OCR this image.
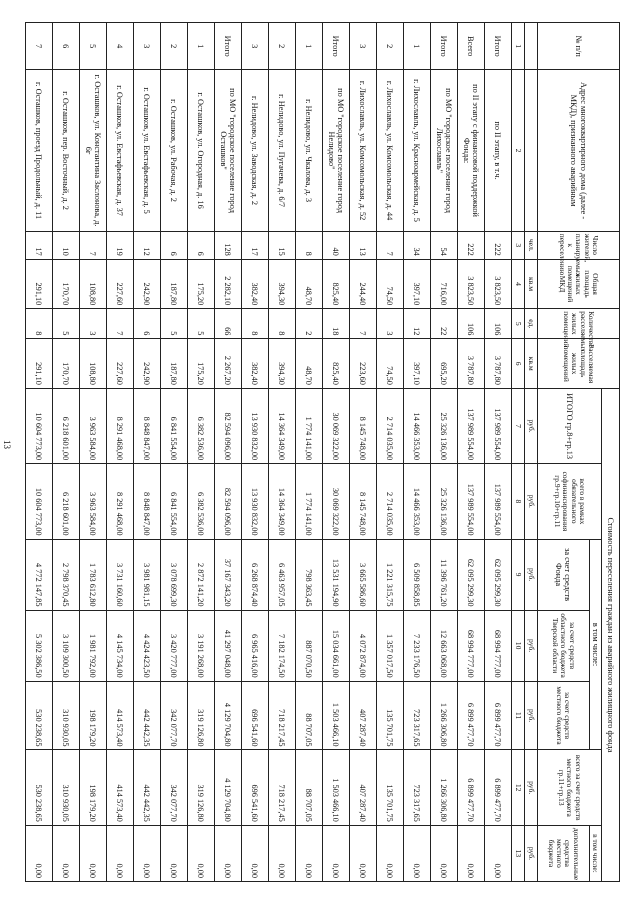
13
№ п/п	Адрес многоквартирного дома (далее - МКД), признанного аварийным	Число жителей, планируемых к переселению	Общая площадь жилых помещений МКД	Количество расселяемых жилых помещений	Расселяемая площадь жилых помещений	Стоимость переселения граждан из аварийного жилищного фонда						
						ИТОГО гр.8+гр.13	всего в рамках обязательного софинансирования гр.9+гр.10+гр.11	в том числе:			всего за счет средств местного бюджета гр.11+гр.13	в том числе:
								за счет средств Фонда	за счет средств областного бюджета Тверской области	за счет средств местного бюджета		дополнительные средства местного бюджета
		чел.	кв.м	ед.	кв.м	руб.	руб.	руб.	руб.	руб.	руб.	руб.
1	2	3	4	5	6	7	8	9	10	11	12	13
Итого	по II этапу, в т.ч.	222	3 823,50	106	3 787,80	137 989 554,00	137 989 554,00	62 095 299,30	68 994 777,00	6 899 477,70	6 899 477,70	0,00
Всего	по II этапу с финансовой поддержкой Фонда:	222	3 823,50	106	3 787,80	137 989 554,00	137 989 554,00	62 095 299,30	68 994 777,00	6 899 477,70	6 899 477,70	0,00
Итого	по МО "городское поселение город Лихославль"	54	716,00	22	695,20	25 326 136,00	25 326 136,00	11 396 761,20	12 663 068,00	1 266 306,80	1 266 306,80	0,00
1	г. Лихославль, ул. Красноармейская, д. 5	34	397,10	12	397,10	14 466 353,00	14 466 353,00	6 509 858,85	7 233 176,50	723 317,65	723 317,65	0,00
2	г. Лихославль, ул. Комсомольская, д. 44	7	74,50	3	74,50	2 714 035,00	2 714 035,00	1 221 315,75	1 357 017,50	135 701,75	135 701,75	0,00
3	г. Лихославль, ул. Комсомольская, д. 52	13	244,40	7	223,60	8 145 748,00	8 145 748,00	3 665 586,60	4 072 874,00	407 287,40	407 287,40	0,00
Итого	по МО "городское поселение город Нелидово"	40	825,40	18	825,40	30 069 322,00	30 069 322,00	13 531 194,90	15 034 661,00	1 503 466,10	1 503 466,10	0,00
1	г. Нелидово, ул. Чкалова, д. 3	8	48,70	2	48,70	1 774 141,00	1 774 141,00	798 363,45	887 070,50	88 707,05	88 707,05	0,00
2	г. Нелидово, ул. Пугачева, д. 6/7	15	394,30	8	394,30	14 364 349,00	14 364 349,00	6 463 957,05	7 182 174,50	718 217,45	718 217,45	0,00
3	г. Нелидово, ул. Заводская, д. 2	17	382,40	8	382,40	13 930 832,00	13 930 832,00	6 268 874,40	6 965 416,00	696 541,60	696 541,60	0,00
Итого	по МО "городское поселение город Осташков"	128	2 282,10	66	2 267,20	82 594 096,00	82 594 096,00	37 167 343,20	41 297 048,00	4 129 704,80	4 129 704,80	0,00
1	г. Осташков, ул. Огородная, д. 16	6	175,20	5	175,20	6 382 536,00	6 382 536,00	2 872 141,20	3 191 268,00	319 126,80	319 126,80	0,00
2	г. Осташков, ул. Рабочая, д. 2	6	187,80	5	187,80	6 841 554,00	6 841 554,00	3 078 699,30	3 420 777,00	342 077,70	342 077,70	0,00
3	г. Осташков, ул. Евстафьевская, д. 5	12	242,90	6	242,90	8 848 847,00	8 848 847,00	3 981 981,15	4 424 423,50	442 442,35	442 442,35	0,00
4	г. Осташков, ул. Евстафьевская, д. 37	19	227,60	7	227,60	8 291 468,00	8 291 468,00	3 731 160,60	4 145 734,00	414 573,40	414 573,40	0,00
5	г. Осташков, ул. Константина Заслонова, д. 6г	7	108,80	3	108,80	3 963 584,00	3 963 584,00	1 783 612,80	1 981 792,00	198 179,20	198 179,20	0,00
6	г. Осташков, пер. Восточный, д. 2	10	170,70	5	170,70	6 218 601,00	6 218 601,00	2 798 370,45	3 109 300,50	310 930,05	310 930,05	0,00
7	г. Осташков, проезд Продольный, д. 11	17	291,10	8	291,10	10 604 773,00	10 604 773,00	4 772 147,85	5 302 386,50	530 238,65	530 238,65	0,00
